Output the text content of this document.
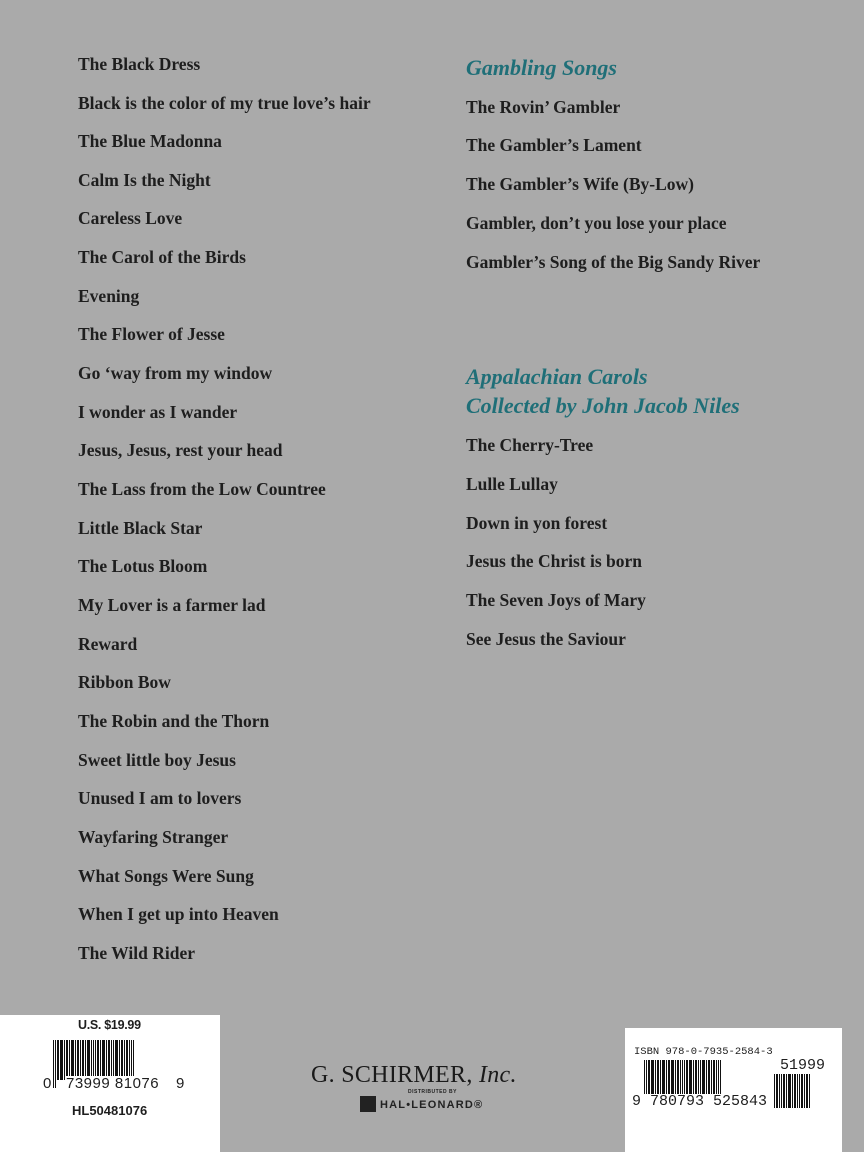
The Black Dress
Black is the color of my true love’s hair
The Blue Madonna
Calm Is the Night
Careless Love
The Carol of the Birds
Evening
The Flower of Jesse
Go ‘way from my window
I wonder as I wander
Jesus, Jesus, rest your head
The Lass from the Low Countree
Little Black Star
The Lotus Bloom
My Lover is a farmer lad
Reward
Ribbon Bow
The Robin and the Thorn
Sweet little boy Jesus
Unused I am to lovers
Wayfaring Stranger
What Songs Were Sung
When I get up into Heaven
The Wild Rider
Gambling Songs
The Rovin’ Gambler
The Gambler’s Lament
The Gambler’s Wife (By-Low)
Gambler, don’t you lose your place
Gambler’s Song of the Big Sandy River
Appalachian Carols
Collected by John Jacob Niles
The Cherry-Tree
Lulle Lullay
Down in yon forest
Jesus the Christ is born
The Seven Joys of Mary
See Jesus the Saviour
U.S. $19.99
0 73999 81076 9
HL50481076
G. SCHIRMER, Inc.
DISTRIBUTED BY
HAL•LEONARD®
ISBN 978-0-7935-2584-3
9 780793 525843
51999
